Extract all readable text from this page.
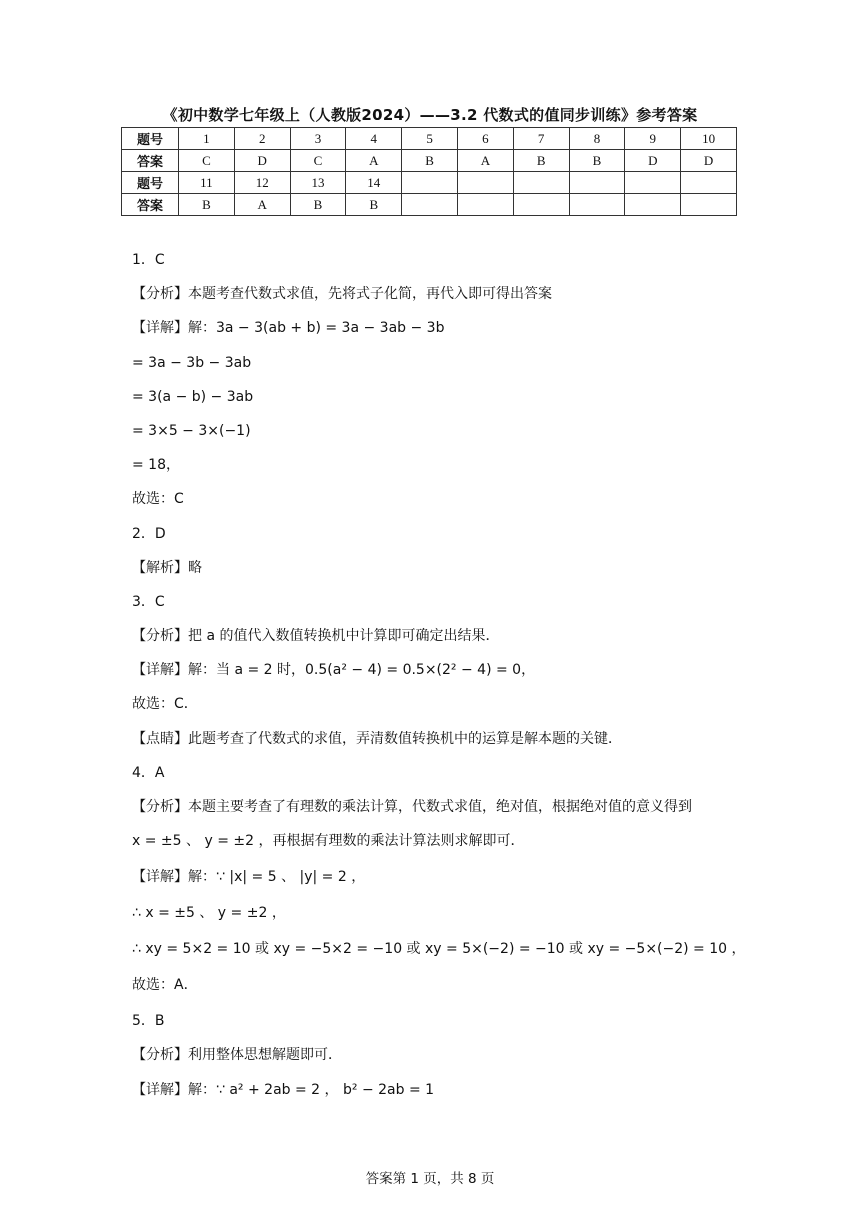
《初中数学七年级上（人教版2024）——3.2 代数式的值同步训练》参考答案
题号	1	2	3	4	5	6	7	8	9	10
答案	C	D	C	A	B	A	B	B	D	D
题号	11	12	13	14						
答案	B	A	B	B						
1．C
【分析】本题考查代数式求值，先将式子化简，再代入即可得出答案
【详解】解：3a − 3(ab + b) = 3a − 3ab − 3b
= 3a − 3b − 3ab
= 3(a − b) − 3ab
= 3×5 − 3×(−1)
= 18，
故选：C
2．D
【解析】略
3．C
【分析】把 a 的值代入数值转换机中计算即可确定出结果．
【详解】解：当 a = 2 时，0.5(a² − 4) = 0.5×(2² − 4) = 0，
故选：C．
【点睛】此题考查了代数式的求值，弄清数值转换机中的运算是解本题的关键．
4．A
【分析】本题主要考查了有理数的乘法计算，代数式求值，绝对值，根据绝对值的意义得到
x = ±5 、 y = ±2 ，再根据有理数的乘法计算法则求解即可．
【详解】解：∵ |x| = 5 、 |y| = 2 ，
∴ x = ±5 、 y = ±2 ，
∴ xy = 5×2 = 10 或 xy = −5×2 = −10 或 xy = 5×(−2) = −10 或 xy = −5×(−2) = 10 ，
故选：A．
5．B
【分析】利用整体思想解题即可．
【详解】解：∵ a² + 2ab = 2 ， b² − 2ab = 1
答案第 1 页，共 8 页
